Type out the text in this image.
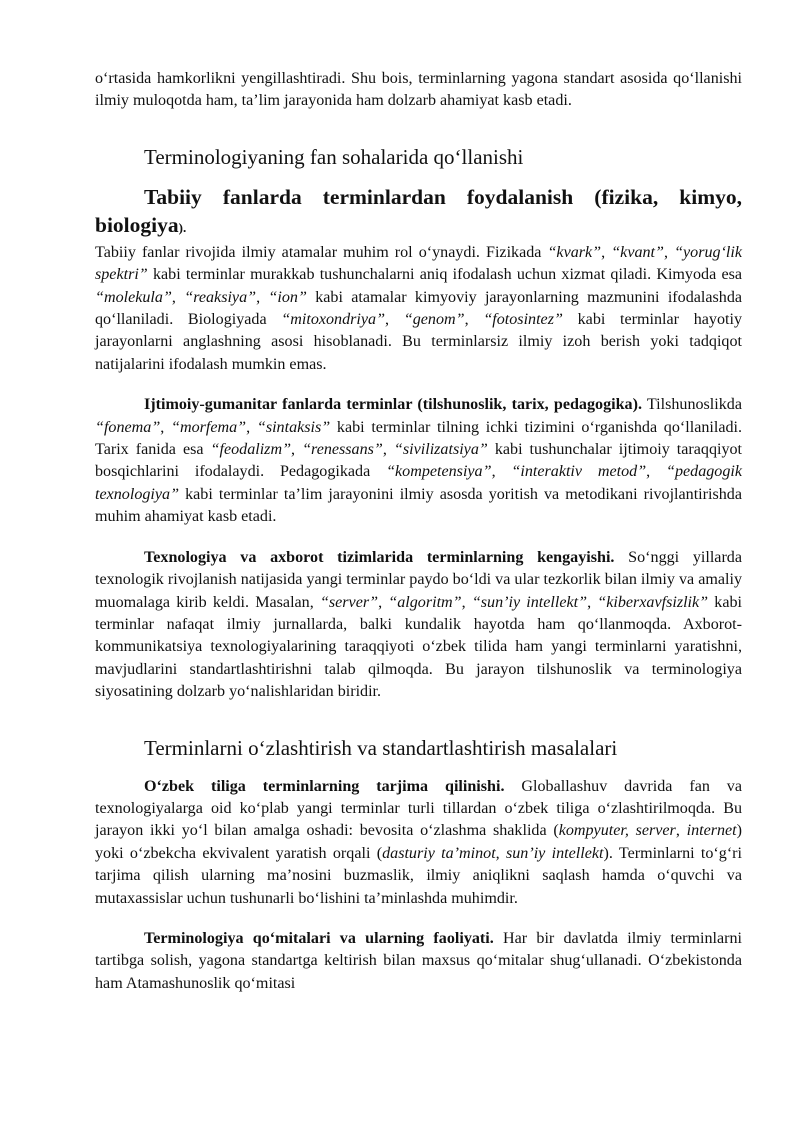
o‘rtasida hamkorlikni yengillashtiradi. Shu bois, terminlarning yagona standart asosida qo‘llanishi ilmiy muloqotda ham, ta’lim jarayonida ham dolzarb ahamiyat kasb etadi.

Terminologiyaning fan sohalarida qo‘llanishi

Tabiiy fanlarda terminlardan foydalanish (fizika, kimyo, biologiya).

Tabiiy fanlar rivojida ilmiy atamalar muhim rol o‘ynaydi. Fizikada “kvark”, “kvant”, “yorug‘lik spektri” kabi terminlar murakkab tushunchalarni aniq ifodalash uchun xizmat qiladi. Kimyoda esa “molekula”, “reaksiya”, “ion” kabi atamalar kimyoviy jarayonlarning mazmunini ifodalashda qo‘llaniladi. Biologiyada “mitoxondriya”, “genom”, “fotosintez” kabi terminlar hayotiy jarayonlarni anglashning asosi hisoblanadi. Bu terminlarsiz ilmiy izoh berish yoki tadqiqot natijalarini ifodalash mumkin emas.

Ijtimoiy-gumanitar fanlarda terminlar (tilshunoslik, tarix, pedagogika). Tilshunoslikda “fonema”, “morfema”, “sintaksis” kabi terminlar tilning ichki tizimini o‘rganishda qo‘llaniladi. Tarix fanida esa “feodalizm”, “renessans”, “sivilizatsiya” kabi tushunchalar ijtimoiy taraqqiyot bosqichlarini ifodalaydi. Pedagogikada “kompetensiya”, “interaktiv metod”, “pedagogik texnologiya” kabi terminlar ta’lim jarayonini ilmiy asosda yoritish va metodikani rivojlantirishda muhim ahamiyat kasb etadi.

Texnologiya va axborot tizimlarida terminlarning kengayishi. So‘nggi yillarda texnologik rivojlanish natijasida yangi terminlar paydo bo‘ldi va ular tezkorlik bilan ilmiy va amaliy muomalaga kirib keldi. Masalan, “server”, “algoritm”, “sun’iy intellekt”, “kiberxavfsizlik” kabi terminlar nafaqat ilmiy jurnallarda, balki kundalik hayotda ham qo‘llanmoqda. Axborot-kommunikatsiya texnologiyalarining taraqqiyoti o‘zbek tilida ham yangi terminlarni yaratishni, mavjudlarini standartlashtirishni talab qilmoqda. Bu jarayon tilshunoslik va terminologiya siyosatining dolzarb yo‘nalishlaridan biridir.

Terminlarni o‘zlashtirish va standartlashtirish masalalari

O‘zbek tiliga terminlarning tarjima qilinishi. Globallashuv davrida fan va texnologiyalarga oid ko‘plab yangi terminlar turli tillardan o‘zbek tiliga o‘zlashtirilmoqda. Bu jarayon ikki yo‘l bilan amalga oshadi: bevosita o‘zlashma shaklida (kompyuter, server, internet) yoki o‘zbekcha ekvivalent yaratish orqali (dasturiy ta’minot, sun’iy intellekt). Terminlarni to‘g‘ri tarjima qilish ularning ma’nosini buzmaslik, ilmiy aniqlikni saqlash hamda o‘quvchi va mutaxassislar uchun tushunarli bo‘lishini ta’minlashda muhimdir.

Terminologiya qo‘mitalari va ularning faoliyati. Har bir davlatda ilmiy terminlarni tartibga solish, yagona standartga keltirish bilan maxsus qo‘mitalar shug‘ullanadi. O‘zbekistonda ham Atamashunoslik qo‘mitasi
